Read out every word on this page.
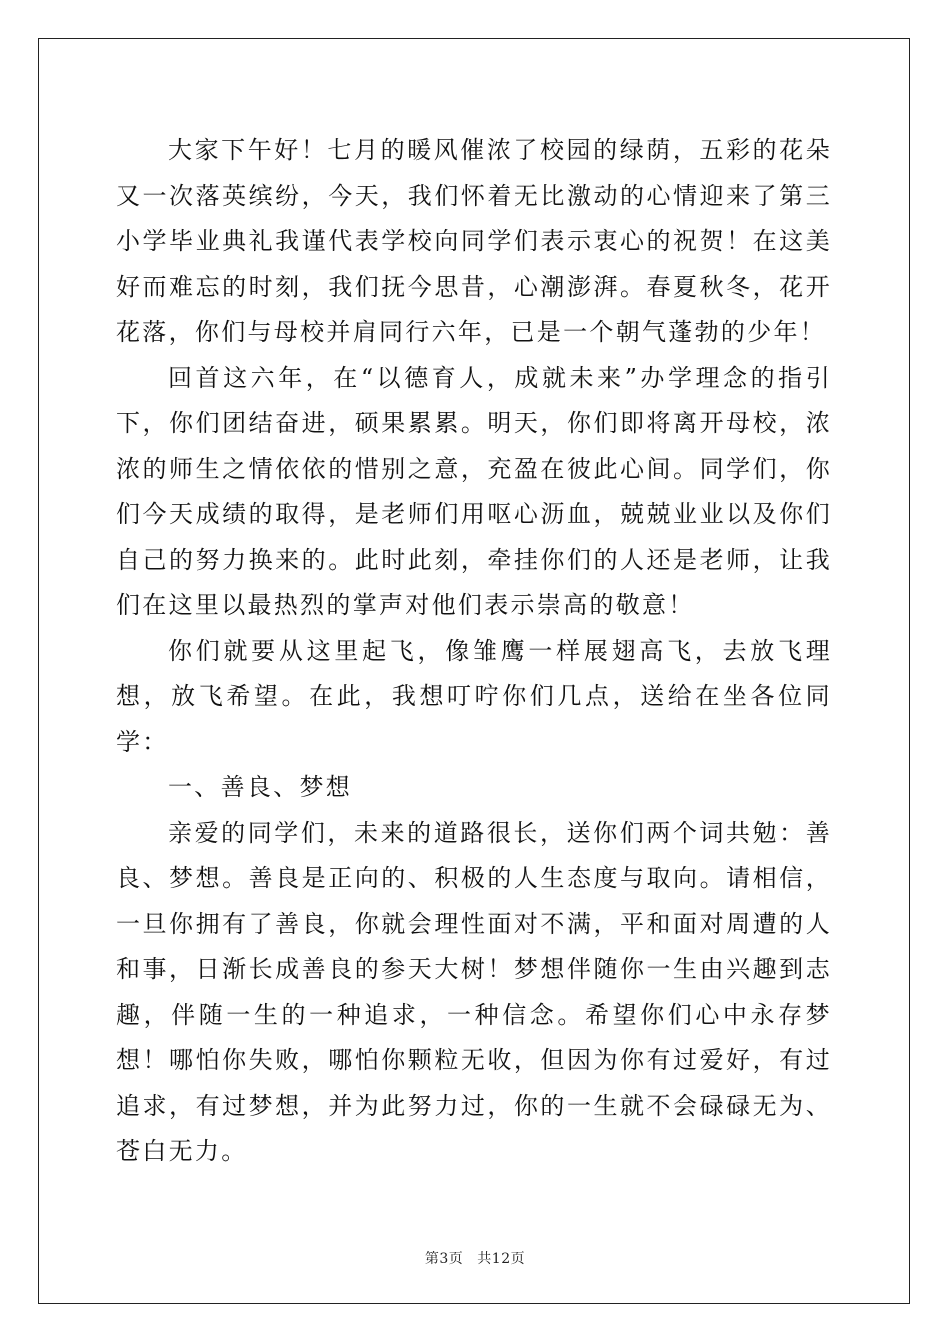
大家下午好！七月的暖风催浓了校园的绿荫，五彩的花朵又一次落英缤纷，今天，我们怀着无比激动的心情迎来了第三小学毕业典礼我谨代表学校向同学们表示衷心的祝贺！在这美好而难忘的时刻，我们抚今思昔，心潮澎湃。春夏秋冬，花开花落，你们与母校并肩同行六年，已是一个朝气蓬勃的少年！

回首这六年，在“以德育人，成就未来”办学理念的指引下，你们团结奋进，硕果累累。明天，你们即将离开母校，浓浓的师生之情依依的惜别之意，充盈在彼此心间。同学们，你们今天成绩的取得，是老师们用呕心沥血，兢兢业业以及你们自己的努力换来的。此时此刻，牵挂你们的人还是老师，让我们在这里以最热烈的掌声对他们表示崇高的敬意！

你们就要从这里起飞，像雏鹰一样展翅高飞，去放飞理想，放飞希望。在此，我想叮咛你们几点，送给在坐各位同学：

一、善良、梦想

亲爱的同学们，未来的道路很长，送你们两个词共勉：善良、梦想。善良是正向的、积极的人生态度与取向。请相信，一旦你拥有了善良，你就会理性面对不满，平和面对周遭的人和事，日渐长成善良的参天大树！梦想伴随你一生由兴趣到志趣，伴随一生的一种追求，一种信念。希望你们心中永存梦想！哪怕你失败，哪怕你颗粒无收，但因为你有过爱好，有过追求，有过梦想，并为此努力过，你的一生就不会碌碌无为、苍白无力。

第3页 共12页
